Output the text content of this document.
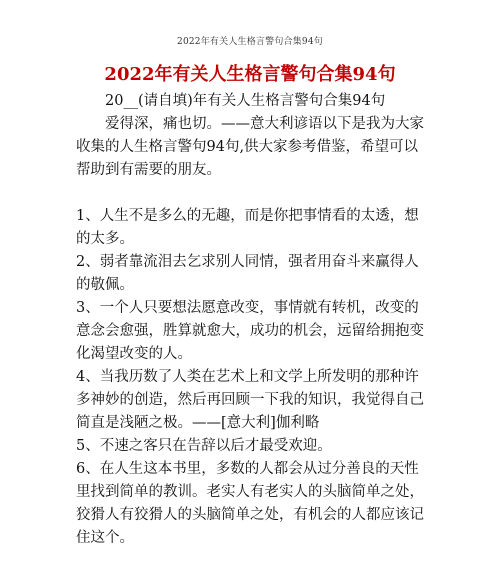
2022年有关人生格言警句合集94句
2022年有关人生格言警句合集94句

20__(请自填)年有关人生格言警句合集94句

爱得深，痛也切。——意大利谚语以下是我为大家收集的人生格言警句94句,供大家参考借鉴，希望可以帮助到有需要的朋友。

1、人生不是多么的无趣，而是你把事情看的太透，想的太多。

2、弱者靠流泪去乞求别人同情，强者用奋斗来赢得人的敬佩。

3、一个人只要想法愿意改变，事情就有转机，改变的意念会愈强，胜算就愈大，成功的机会，远留给拥抱变化渴望改变的人。

4、当我历数了人类在艺术上和文学上所发明的那种许多神妙的创造，然后再回顾一下我的知识，我觉得自己简直是浅陋之极。——[意大利]伽利略

5、不速之客只在告辞以后才最受欢迎。

6、在人生这本书里，多数的人都会从过分善良的天性里找到简单的教训。老实人有老实人的头脑简单之处，狡猾人有狡猾人的头脑简单之处，有机会的人都应该记住这个。
